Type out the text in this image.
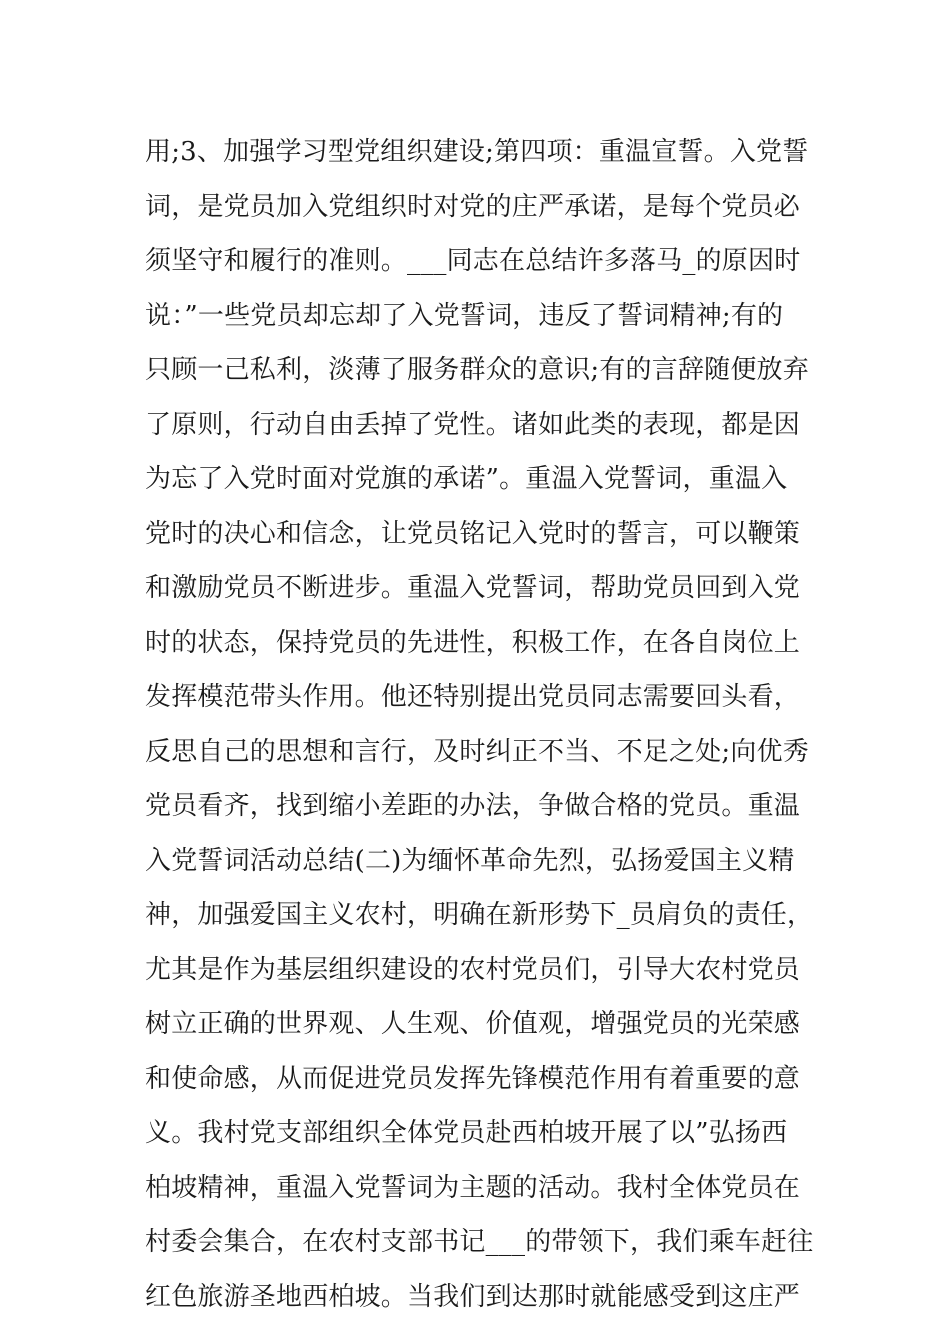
用;3、加强学习型党组织建设;第四项：重温宣誓。入党誓
词，是党员加入党组织时对党的庄严承诺，是每个党员必
须坚守和履行的准则。___同志在总结许多落马_的原因时
说：”一些党员却忘却了入党誓词，违反了誓词精神;有的
只顾一己私利，淡薄了服务群众的意识;有的言辞随便放弃
了原则，行动自由丢掉了党性。诸如此类的表现，都是因
为忘了入党时面对党旗的承诺”。重温入党誓词，重温入
党时的决心和信念，让党员铭记入党时的誓言，可以鞭策
和激励党员不断进步。重温入党誓词，帮助党员回到入党
时的状态，保持党员的先进性，积极工作，在各自岗位上
发挥模范带头作用。他还特别提出党员同志需要回头看，
反思自己的思想和言行，及时纠正不当、不足之处;向优秀
党员看齐，找到缩小差距的办法，争做合格的党员。重温
入党誓词活动总结(二)为缅怀革命先烈，弘扬爱国主义精
神，加强爱国主义农村，明确在新形势下_员肩负的责任，
尤其是作为基层组织建设的农村党员们，引导大农村党员
树立正确的世界观、人生观、价值观，增强党员的光荣感
和使命感，从而促进党员发挥先锋模范作用有着重要的意
义。我村党支部组织全体党员赴西柏坡开展了以”弘扬西
柏坡精神，重温入党誓词为主题的活动。我村全体党员在
村委会集合，在农村支部书记___的带领下，我们乘车赶往
红色旅游圣地西柏坡。当我们到达那时就能感受到这庄严
